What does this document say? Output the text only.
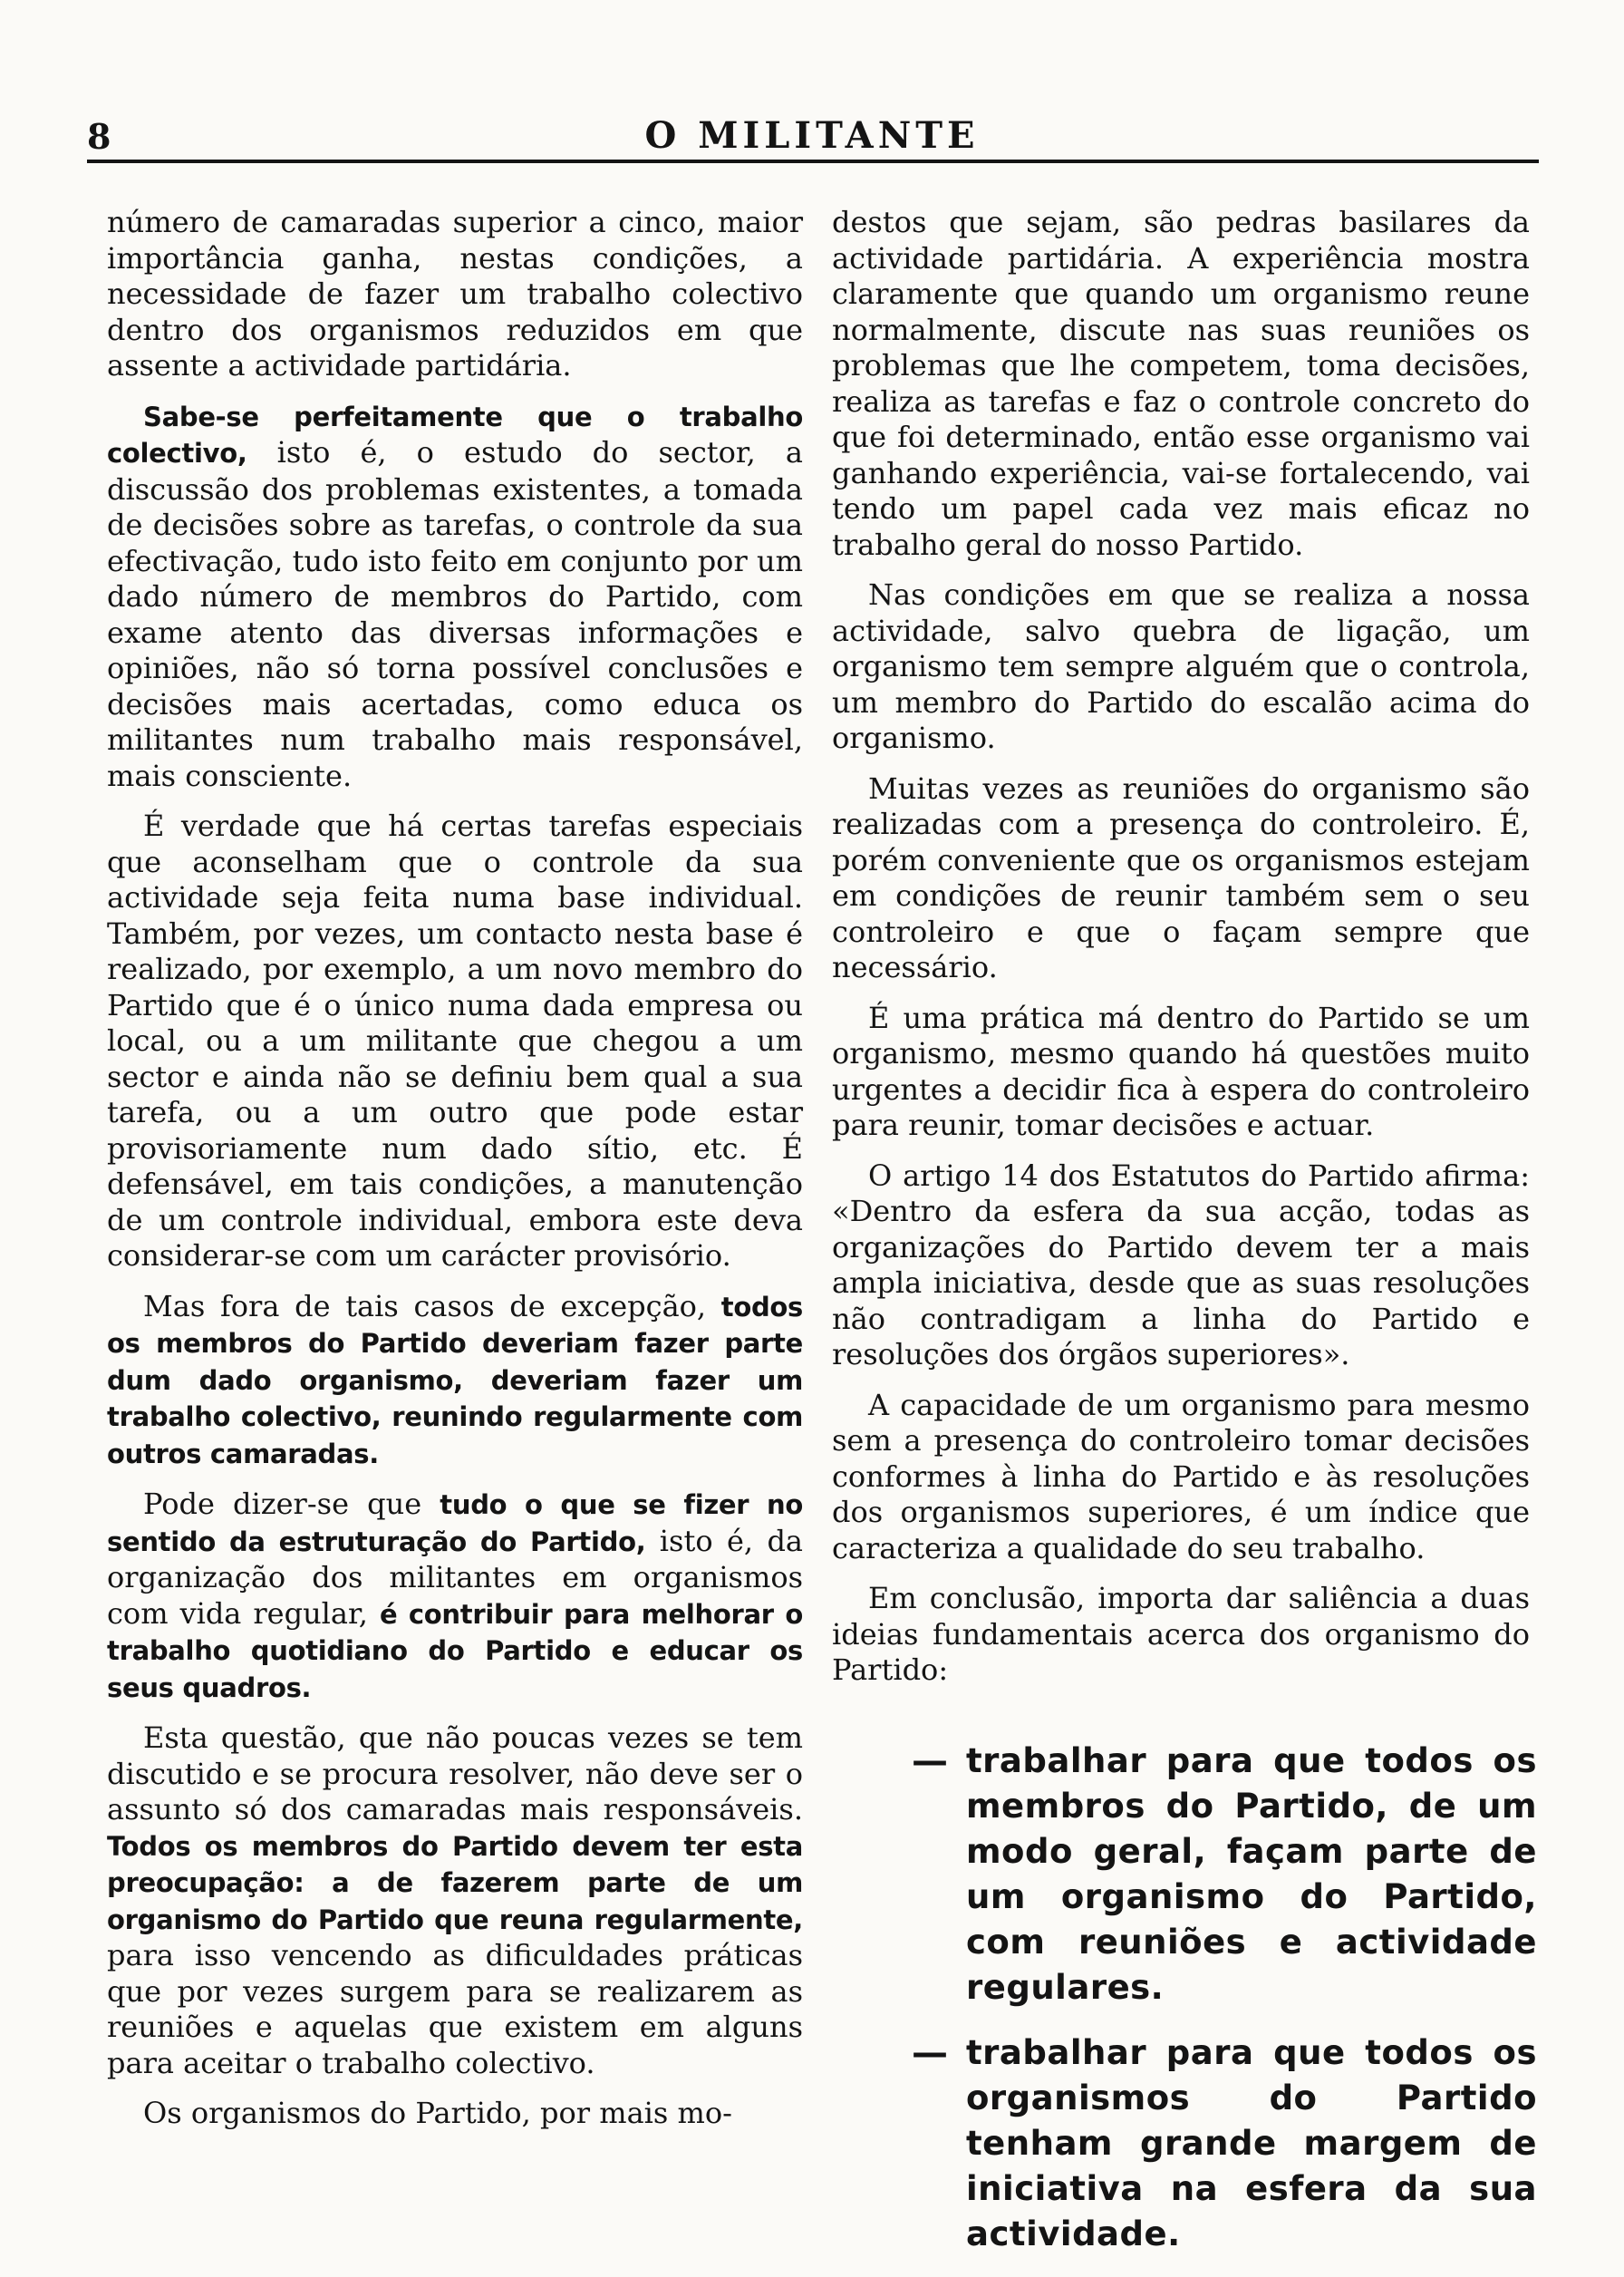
8	O MILITANTE

número de camaradas superior a cinco, maior importância ganha, nestas condições, a necessidade de fazer um trabalho colectivo dentro dos organismos reduzidos em que assente a actividade partidária.

Sabe-se perfeitamente que o trabalho colectivo, isto é, o estudo do sector, a discussão dos problemas existentes, a tomada de decisões sobre as tarefas, o controle da sua efectivação, tudo isto feito em conjunto por um dado número de membros do Partido, com exame atento das diversas informações e opiniões, não só torna possível conclusões e decisões mais acertadas, como educa os militantes num trabalho mais responsável, mais consciente.

É verdade que há certas tarefas especiais que aconselham que o controle da sua actividade seja feita numa base individual. Também, por vezes, um contacto nesta base é realizado, por exemplo, a um novo membro do Partido que é o único numa dada empresa ou local, ou a um militante que chegou a um sector e ainda não se definiu bem qual a sua tarefa, ou a um outro que pode estar provisoriamente num dado sítio, etc. É defensável, em tais condições, a manutenção de um controle individual, embora este deva considerar-se com um carácter provisório.

Mas fora de tais casos de excepção, todos os membros do Partido deveriam fazer parte dum dado organismo, deveriam fazer um trabalho colectivo, reunindo regularmente com outros camaradas.

Pode dizer-se que tudo o que se fizer no sentido da estruturação do Partido, isto é, da organização dos militantes em organismos com vida regular, é contribuir para melhorar o trabalho quotidiano do Partido e educar os seus quadros.

Esta questão, que não poucas vezes se tem discutido e se procura resolver, não deve ser o assunto só dos camaradas mais responsáveis. Todos os membros do Partido devem ter esta preocupação: a de fazerem parte de um organismo do Partido que reuna regularmente, para isso vencendo as dificuldades práticas que por vezes surgem para se realizarem as reuniões e aquelas que existem em alguns para aceitar o trabalho colectivo.

Os organismos do Partido, por mais mo-

destos que sejam, são pedras basilares da actividade partidária. A experiência mostra claramente que quando um organismo reune normalmente, discute nas suas reuniões os problemas que lhe competem, toma decisões, realiza as tarefas e faz o controle concreto do que foi determinado, então esse organismo vai ganhando experiência, vai-se fortalecendo, vai tendo um papel cada vez mais eficaz no trabalho geral do nosso Partido.

Nas condições em que se realiza a nossa actividade, salvo quebra de ligação, um organismo tem sempre alguém que o controla, um membro do Partido do escalão acima do organismo.

Muitas vezes as reuniões do organismo são realizadas com a presença do controleiro. É, porém conveniente que os organismos estejam em condições de reunir também sem o seu controleiro e que o façam sempre que necessário.

É uma prática má dentro do Partido se um organismo, mesmo quando há questões muito urgentes a decidir fica à espera do controleiro para reunir, tomar decisões e actuar.

O artigo 14 dos Estatutos do Partido afirma: «Dentro da esfera da sua acção, todas as organizações do Partido devem ter a mais ampla iniciativa, desde que as suas resoluções não contradigam a linha do Partido e resoluções dos órgãos superiores».

A capacidade de um organismo para mesmo sem a presença do controleiro tomar decisões conformes à linha do Partido e às resoluções dos organismos superiores, é um índice que caracteriza a qualidade do seu trabalho.

Em conclusão, importa dar saliência a duas ideias fundamentais acerca dos organismo do Partido:

— trabalhar para que todos os membros do Partido, de um modo geral, façam parte de um organismo do Partido, com reuniões e actividade regulares.
— trabalhar para que todos os organismos do Partido tenham grande margem de iniciativa na esfera da sua actividade.
